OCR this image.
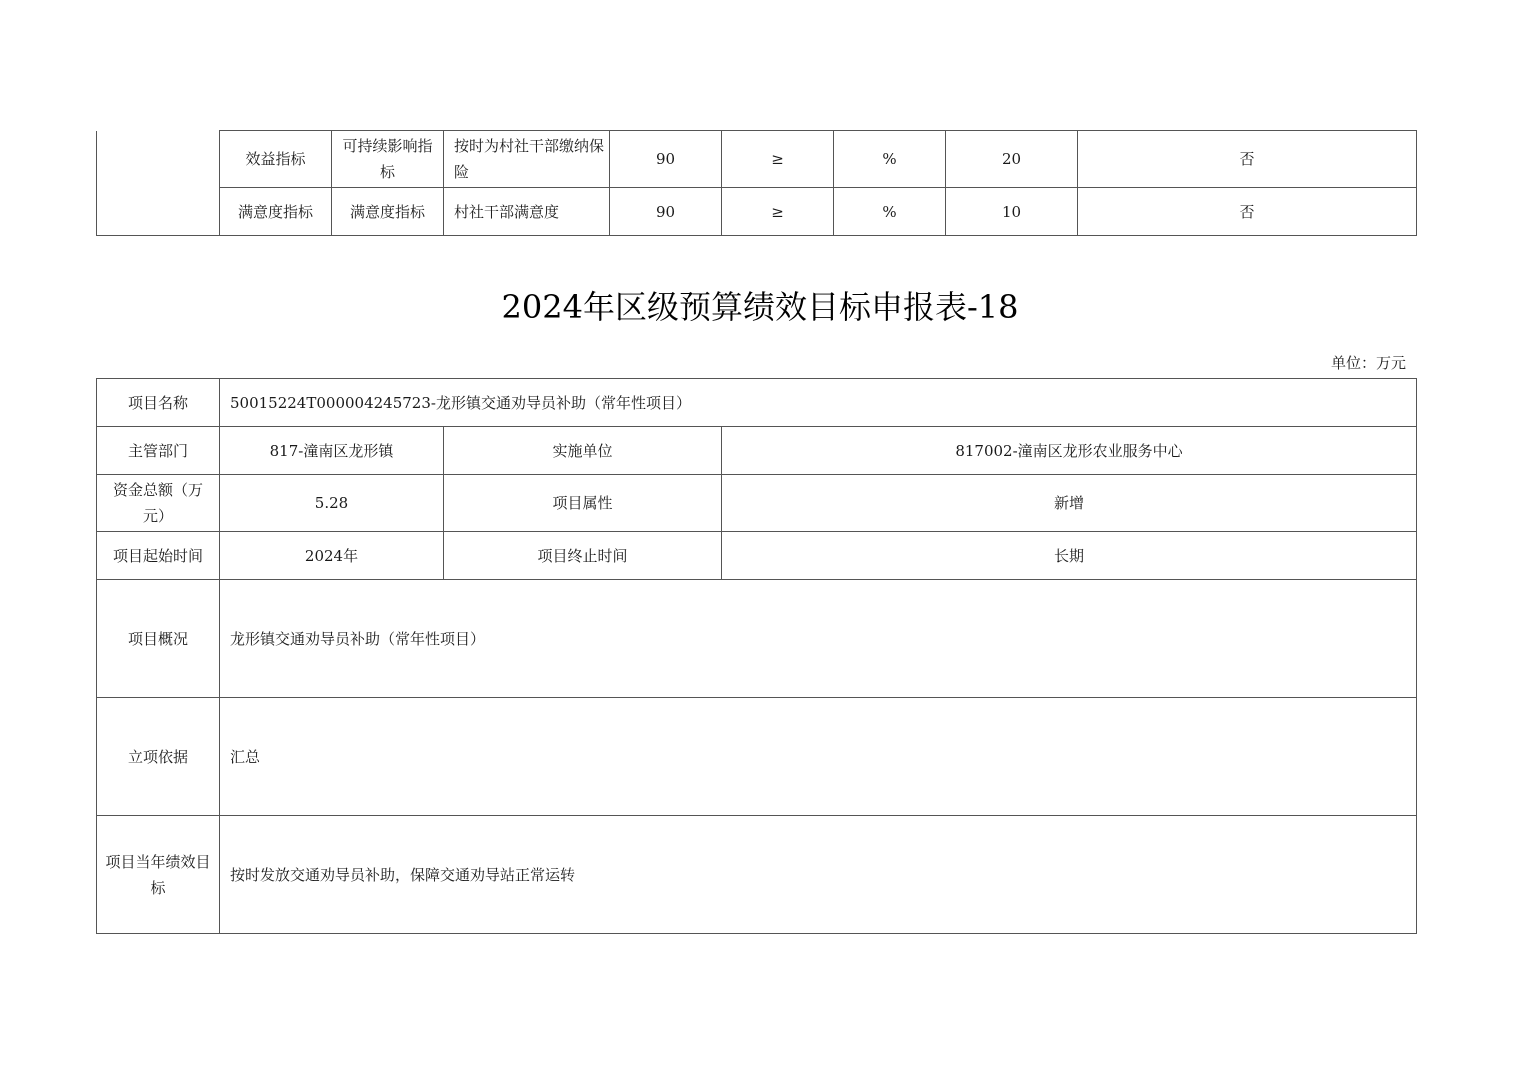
	效益指标	可持续影响指标	按时为村社干部缴纳保险	90	≥	%	20	否
	满意度指标	满意度指标	村社干部满意度	90	≥	%	10	否
2024年区级预算绩效目标申报表-18
单位：万元
项目名称	50015224T000004245723-龙形镇交通劝导员补助（常年性项目）		
主管部门	817-潼南区龙形镇	实施单位	817002-潼南区龙形农业服务中心
资金总额（万元）	5.28	项目属性	新增
项目起始时间	2024年	项目终止时间	长期
项目概况	龙形镇交通劝导员补助（常年性项目）		
立项依据	汇总		
项目当年绩效目标	按时发放交通劝导员补助，保障交通劝导站正常运转		
